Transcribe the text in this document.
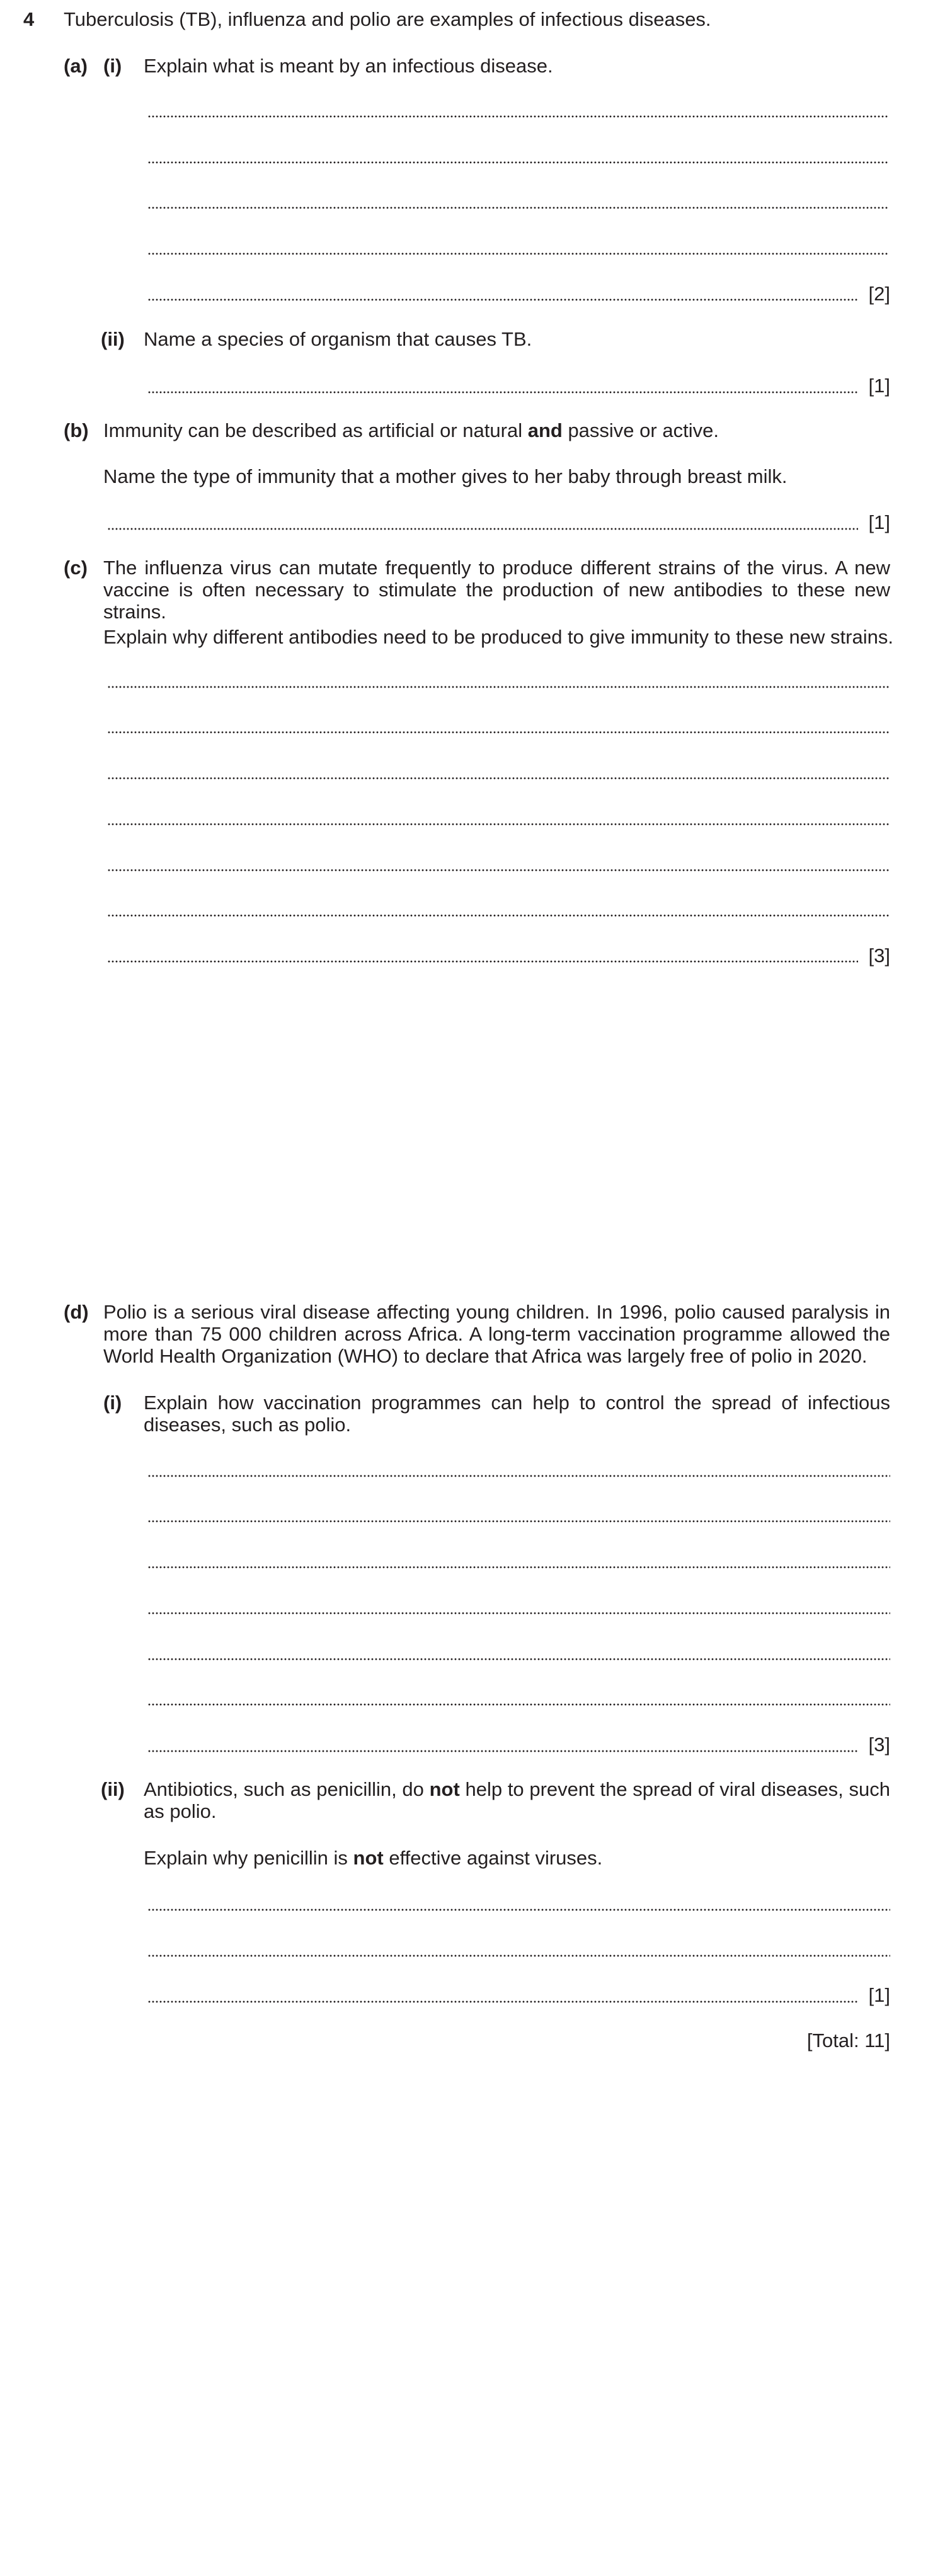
4 Tuberculosis (TB), influenza and polio are examples of infectious diseases.
(a) (i) Explain what is meant by an infectious disease.
[2]
(ii) Name a species of organism that causes TB.
[1]
(b) Immunity can be described as artificial or natural and passive or active.
Name the type of immunity that a mother gives to her baby through breast milk.
[1]
(c) The influenza virus can mutate frequently to produce different strains of the virus. A new vaccine is often necessary to stimulate the production of new antibodies to these new strains.
Explain why different antibodies need to be produced to give immunity to these new strains.
[3]
(d) Polio is a serious viral disease affecting young children. In 1996, polio caused paralysis in more than 75 000 children across Africa. A long-term vaccination programme allowed the World Health Organization (WHO) to declare that Africa was largely free of polio in 2020.
(i) Explain how vaccination programmes can help to control the spread of infectious diseases, such as polio.
[3]
(ii) Antibiotics, such as penicillin, do not help to prevent the spread of viral diseases, such as polio.
Explain why penicillin is not effective against viruses.
[1]
[Total: 11]
